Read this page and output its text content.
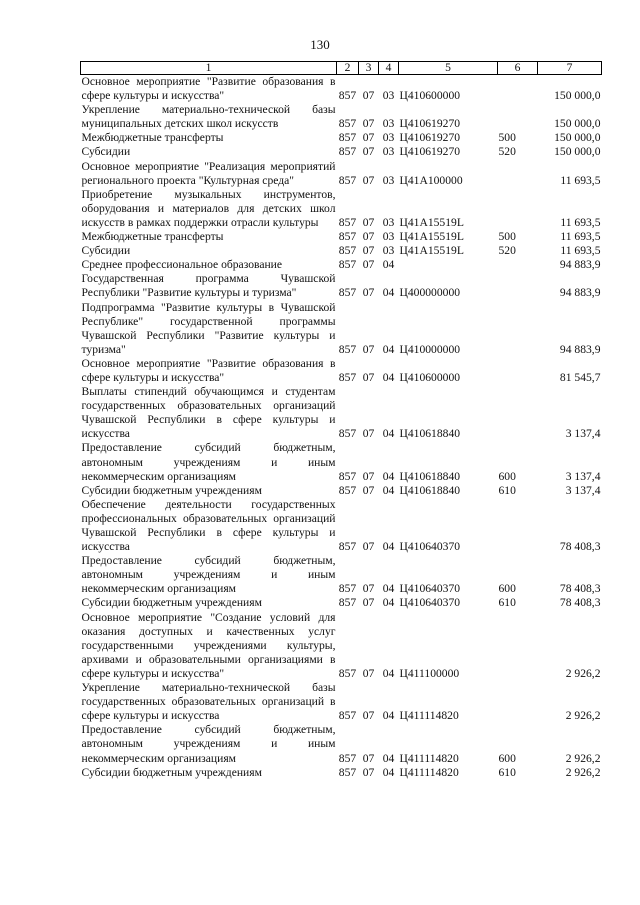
130
1	2	3	4	5	6	7
Основное мероприятие "Развитие образования в сфере культуры и искусства"	857	07	03	Ц410600000		150 000,0
Укрепление материально-технической базы муниципальных детских школ искусств	857	07	03	Ц410619270		150 000,0
Межбюджетные трансферты	857	07	03	Ц410619270	500	150 000,0
Субсидии	857	07	03	Ц410619270	520	150 000,0
Основное мероприятие "Реализация мероприятий регионального проекта "Культурная среда"	857	07	03	Ц41А100000		11 693,5
Приобретение музыкальных инструментов, оборудования и материалов для детских школ искусств в рамках поддержки отрасли культуры	857	07	03	Ц41А15519L		11 693,5
Межбюджетные трансферты	857	07	03	Ц41А15519L	500	11 693,5
Субсидии	857	07	03	Ц41А15519L	520	11 693,5
Среднее профессиональное образование	857	07	04			94 883,9
Государственная программа Чувашской Республики "Развитие культуры и туризма"	857	07	04	Ц400000000		94 883,9
Подпрограмма "Развитие культуры в Чувашской Республике" государственной программы Чувашской Республики "Развитие культуры и туризма"	857	07	04	Ц410000000		94 883,9
Основное мероприятие "Развитие образования в сфере культуры и искусства"	857	07	04	Ц410600000		81 545,7
Выплаты стипендий обучающимся и студентам государственных образовательных организаций Чувашской Республики в сфере культуры и искусства	857	07	04	Ц410618840		3 137,4
Предоставление субсидий бюджетным, автономным учреждениям и иным некоммерческим организациям	857	07	04	Ц410618840	600	3 137,4
Субсидии бюджетным учреждениям	857	07	04	Ц410618840	610	3 137,4
Обеспечение деятельности государственных профессиональных образовательных организаций Чувашской Республики в сфере культуры и искусства	857	07	04	Ц410640370		78 408,3
Предоставление субсидий бюджетным, автономным учреждениям и иным некоммерческим организациям	857	07	04	Ц410640370	600	78 408,3
Субсидии бюджетным учреждениям	857	07	04	Ц410640370	610	78 408,3
Основное мероприятие "Создание условий для оказания доступных и качественных услуг государственными учреждениями культуры, архивами и образовательными организациями в сфере культуры и искусства"	857	07	04	Ц411100000		2 926,2
Укрепление материально-технической базы государственных образовательных организаций в сфере культуры и искусства	857	07	04	Ц411114820		2 926,2
Предоставление субсидий бюджетным, автономным учреждениям и иным некоммерческим организациям	857	07	04	Ц411114820	600	2 926,2
Субсидии бюджетным учреждениям	857	07	04	Ц411114820	610	2 926,2
